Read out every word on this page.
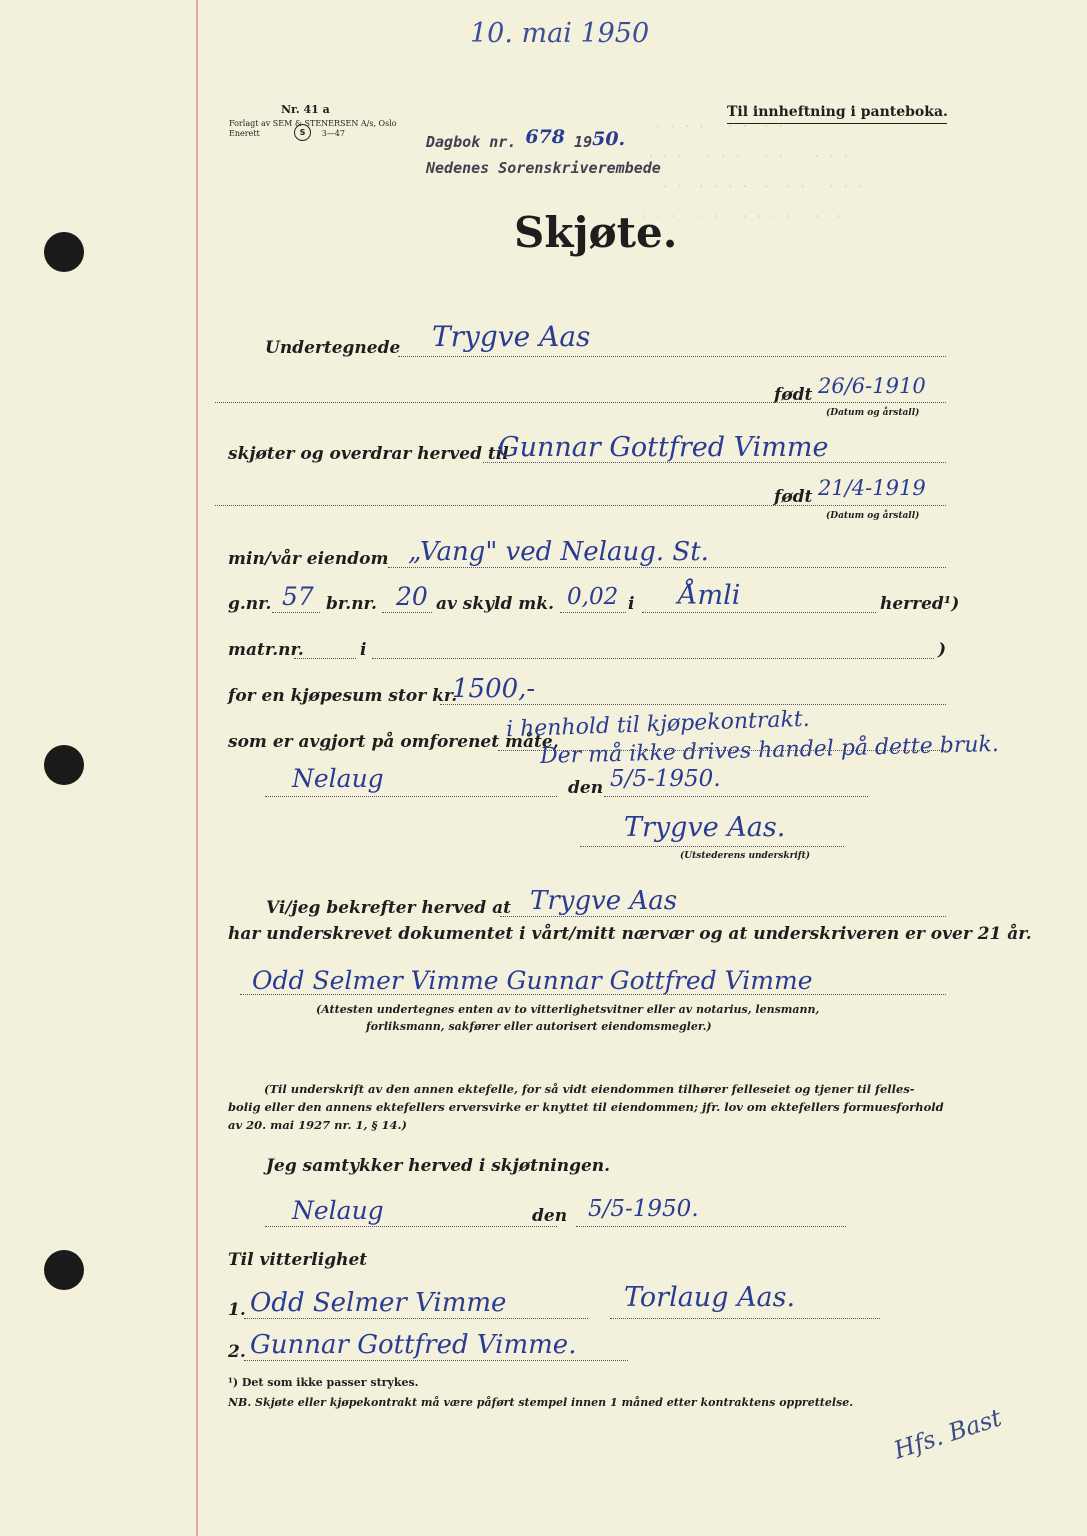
. . . .   . .  . .
. . .   . . .   . .    . . .
. .  . . . .  .  . .   . . .
. . .   . .   . . . .   .  .
10. mai 1950
Nr. 41 a
Forlagt av SEM & STENERSEN A/s, Oslo
Enerett	3—47
S
Til innheftning i panteboka.
Dagbok nr. 678 1950.
Nedenes Sorenskriverembede
Skjøte.
Undertegnede Trygve Aas
født 26/6-1910
(Datum og årstall)
skjøter og overdrar herved til
Gunnar Gottfred Vimme
født 21/4-1919
(Datum og årstall)
min/vår eiendom „Vang" ved Nelaug. St.
g.nr. 57 br.nr. 20 av skyld mk. 0,02 i Åmli	herred¹)
matr.nr.	i	)
for en kjøpesum stor kr.
1500,-
som er avgjort på omforenet måte,
i henhold til kjøpekontrakt.
Der må ikke drives handel på dette bruk.
Nelaug	den 5/5-1950.
Trygve Aas.
(Utstederens underskrift)
Vi/jeg bekrefter herved at Trygve Aas
har underskrevet dokumentet i vårt/mitt nærvær og at underskriveren er over 21 år.
Odd Selmer Vimme Gunnar Gottfred Vimme
(Attesten undertegnes enten av to vitterlighetsvitner eller av notarius, lensmann,
forliksmann, sakfører eller autorisert eiendomsmegler.)
(Til underskrift av den annen ektefelle, for så vidt eiendommen tilhører felleseiet og tjener til felles-
bolig eller den annens ektefellers erversvirke er knyttet til eiendommen; jfr. lov om ektefellers formuesforhold
av 20. mai 1927 nr. 1, § 14.)
Jeg samtykker herved i skjøtningen.
Nelaug	den 5/5-1950.
Til vitterlighet
1. Odd Selmer Vimme	Torlaug Aas.
2. Gunnar Gottfred Vimme.
¹) Det som ikke passer strykes.
NB. Skjøte eller kjøpekontrakt må være påført stempel innen 1 måned etter kontraktens opprettelse.
Hfs. Bast
